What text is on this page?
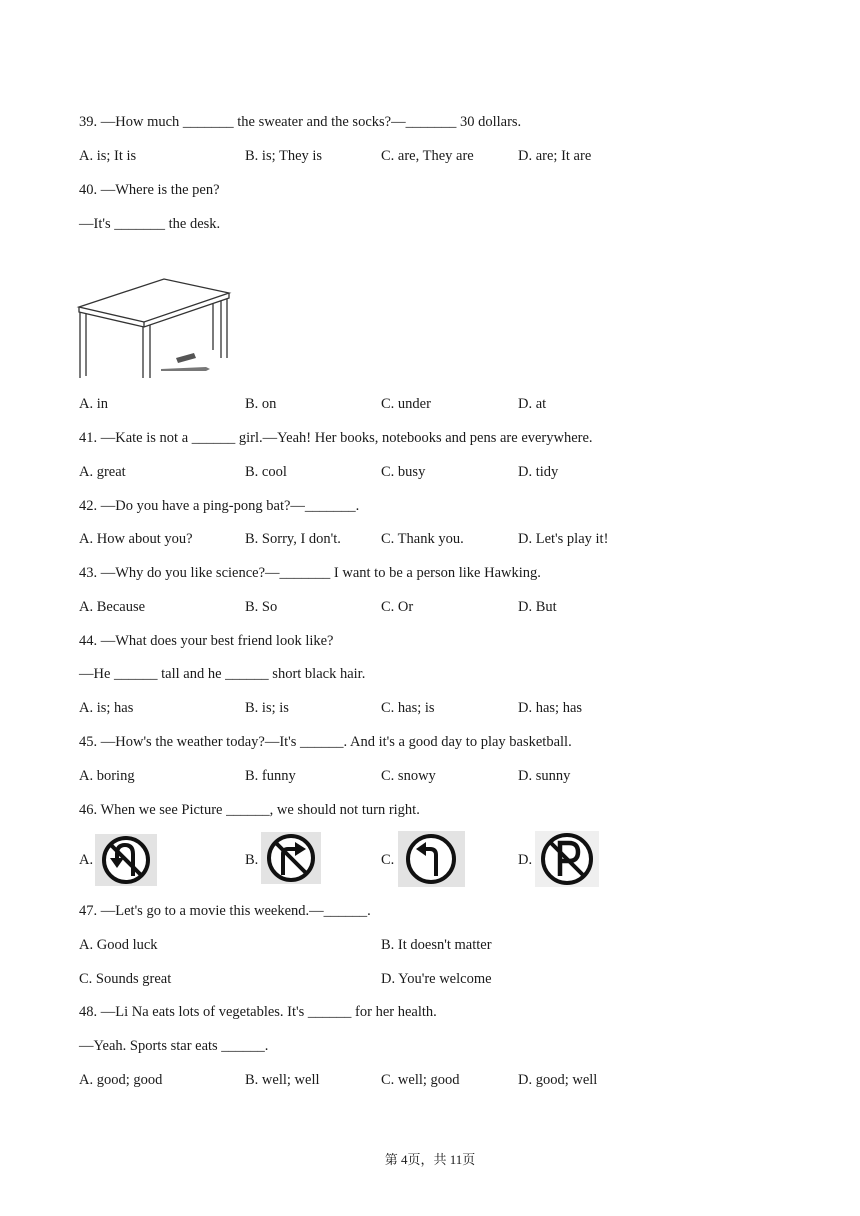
39. —How much _______ the sweater and the socks?—_______ 30 dollars.
A. is; It is	B. is; They is	C. are, They are	D. are; It are
40. —Where is the pen?
—It's _______ the desk.
A. in	B. on	C. under	D. at
41. —Kate is not a ______ girl.—Yeah! Her books, notebooks and pens are everywhere.
A. great	B. cool	C. busy	D. tidy
42. —Do you have a ping-pong bat?—_______.
A. How about you?	B. Sorry, I don't.	C. Thank you.	D. Let's play it!
43. —Why do you like science?—_______ I want to be a person like Hawking.
A. Because	B. So	C. Or	D. But
44. —What does your best friend look like?
—He ______ tall and he ______ short black hair.
A. is; has	B. is; is	C. has; is	D. has; has
45. —How's the weather today?—It's ______. And it's a good day to play basketball.
A. boring	B. funny	C. snowy	D. sunny
46. When we see Picture ______, we should not turn right.
A.	B.	C.	D.
47. —Let's go to a movie this weekend.—______.
A. Good luck	B. It doesn't matter
C. Sounds great	D. You're welcome
48. —Li Na eats lots of vegetables. It's ______ for her health.
—Yeah. Sports star eats ______.
A. good; good	B. well; well	C. well; good	D. good; well
第 4页，共 11页
